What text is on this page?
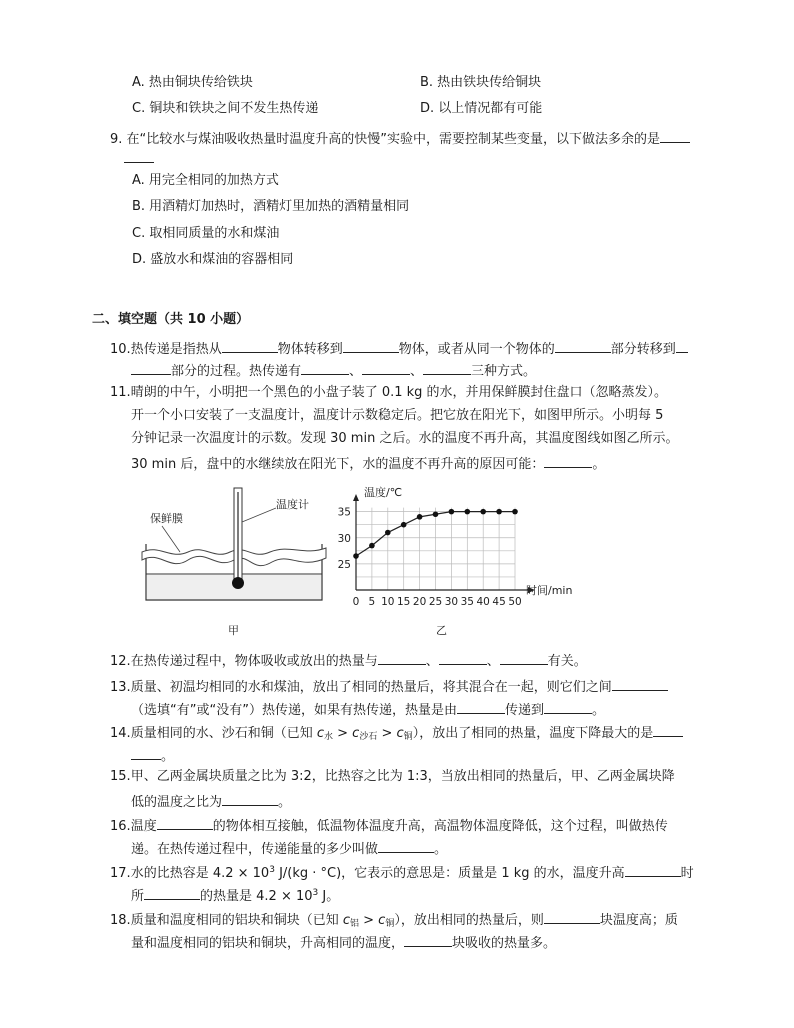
A. 热由铜块传给铁块	B. 热由铁块传给铜块
C. 铜块和铁块之间不发生热传递	D. 以上情况都有可能
9. 在“比较水与煤油吸收热量时温度升高的快慢”实验中，需要控制某些变量，以下做法多余的是
A. 用完全相同的加热方式
B. 用酒精灯加热时，酒精灯里加热的酒精量相同
C. 取相同质量的水和煤油
D. 盛放水和煤油的容器相同
二、填空题（共 10 小题）
10.热传递是指热从	物体转移到	物体，或者从同一个物体的	部分转移到
部分的过程。热传递有	、	、	三种方式。
11.晴朗的中午，小明把一个黑色的小盘子装了 0.1 kg 的水，并用保鲜膜封住盘口（忽略蒸发）。
开一个小口安装了一支温度计，温度计示数稳定后。把它放在阳光下，如图甲所示。小明每 5
分钟记录一次温度计的示数。发现 30 min 之后。水的温度不再升高，其温度图线如图乙所示。
30 min 后，盘中的水继续放在阳光下，水的温度不再升高的原因可能：	。
保鲜膜
温度计
甲
0 5 10 15 20 25 30 35 40 45 50
25
30
35
温度/℃
时间/min
乙
12.在热传递过程中，物体吸收或放出的热量与	、	、	有关。
13.质量、初温均相同的水和煤油，放出了相同的热量后，将其混合在一起，则它们之间
（选填“有”或“没有”）热传递，如果有热传递，热量是由	传递到	。
14.质量相同的水、沙石和铜（已知 $c_水 > c_{沙石} > c_铜$），放出了相同的热量，温度下降最大的是
。
15.甲、乙两金属块质量之比为 3:2，比热容之比为 1:3，当放出相同的热量后，甲、乙两金属块降
低的温度之比为	。
16.温度	的物体相互接触，低温物体温度升高，高温物体温度降低，这个过程，叫做热传
递。在热传递过程中，传递能量的多少叫做	。
17.水的比热容是 $4.2 \times 10^3$ J/(kg · °C)，它表示的意思是：质量是 1 kg 的水，温度升高	时
所	的热量是 $4.2 \times 10^3$ J。
18.质量和温度相同的铝块和铜块（已知 $c_铝 > c_铜$），放出相同的热量后，则	块温度高；质
量和温度相同的铝块和铜块，升高相同的温度，	块吸收的热量多。
